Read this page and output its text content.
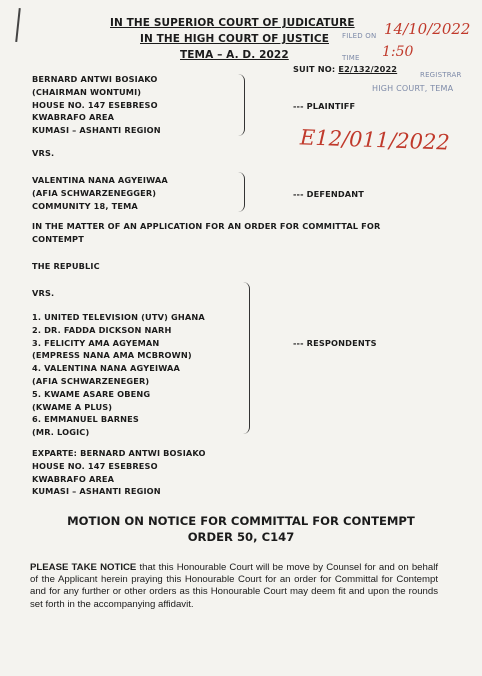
IN THE SUPERIOR COURT OF JUDICATURE
IN THE HIGH COURT OF JUSTICE
TEMA – A. D. 2022
FILED ON 14/10/2022
TIME 1:50
REGISTRAR
HIGH COURT, TEMA
SUIT NO: E2/132/2022
BERNARD ANTWI BOSIAKO
(CHAIRMAN WONTUMI)
HOUSE NO. 147 ESEBRESO
KWABRAFO AREA
KUMASI – ASHANTI REGION
--- PLAINTIFF
E12/011/2022
VRS.
VALENTINA NANA AGYEIWAA
(AFIA SCHWARZENEGGER)
COMMUNITY 18, TEMA
--- DEFENDANT
IN THE MATTER OF AN APPLICATION FOR AN ORDER FOR COMMITTAL FOR
CONTEMPT
THE REPUBLIC
VRS.
1. UNITED TELEVISION (UTV) GHANA
2. DR. FADDA DICKSON NARH
3. FELICITY AMA AGYEMAN
(EMPRESS NANA AMA MCBROWN)
4. VALENTINA NANA AGYEIWAA
(AFIA SCHWARZENEGER)
5. KWAME ASARE OBENG
(KWAME A PLUS)
6. EMMANUEL BARNES
(MR. LOGIC)
--- RESPONDENTS
EXPARTE: BERNARD ANTWI BOSIAKO
HOUSE NO. 147 ESEBRESO
KWABRAFO AREA
KUMASI – ASHANTI REGION
MOTION ON NOTICE FOR COMMITTAL FOR CONTEMPT
ORDER 50, C147
PLEASE TAKE NOTICE that this Honourable Court will be move by Counsel for and on behalf of the Applicant herein praying this Honourable Court for an order for Committal for Contempt and for any further or other orders as this Honourable Court may deem fit and upon the rounds set forth in the accompanying affidavit.
